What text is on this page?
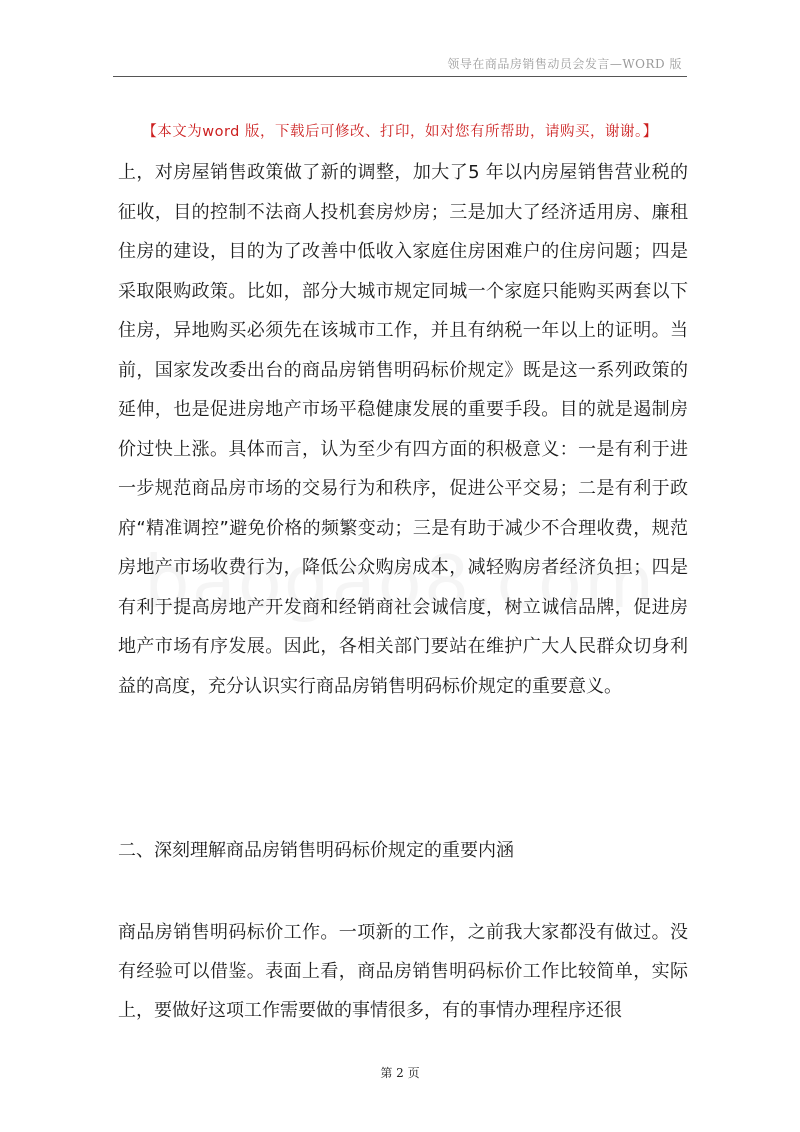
领导在商品房销售动员会发言—WORD 版
【本文为word 版，下载后可修改、打印，如对您有所帮助，请购买，谢谢。】

上，对房屋销售政策做了新的调整，加大了5 年以内房屋销售营业税的征收，目的控制不法商人投机套房炒房；三是加大了经济适用房、廉租住房的建设，目的为了改善中低收入家庭住房困难户的住房问题；四是采取限购政策。比如，部分大城市规定同城一个家庭只能购买两套以下住房，异地购买必须先在该城市工作，并且有纳税一年以上的证明。当前，国家发改委出台的商品房销售明码标价规定》既是这一系列政策的延伸，也是促进房地产市场平稳健康发展的重要手段。目的就是遏制房价过快上涨。具体而言，认为至少有四方面的积极意义：一是有利于进一步规范商品房市场的交易行为和秩序，促进公平交易；二是有利于政府“精准调控”避免价格的频繁变动；三是有助于减少不合理收费，规范房地产市场收费行为，降低公众购房成本，减轻购房者经济负担；四是有利于提高房地产开发商和经销商社会诚信度，树立诚信品牌，促进房地产市场有序发展。因此，各相关部门要站在维护广大人民群众切身利益的高度，充分认识实行商品房销售明码标价规定的重要意义。

二、深刻理解商品房销售明码标价规定的重要内涵

商品房销售明码标价工作。一项新的工作，之前我大家都没有做过。没有经验可以借鉴。表面上看，商品房销售明码标价工作比较简单，实际上，要做好这项工作需要做的事情很多，有的事情办理程序还很

第 2 页
